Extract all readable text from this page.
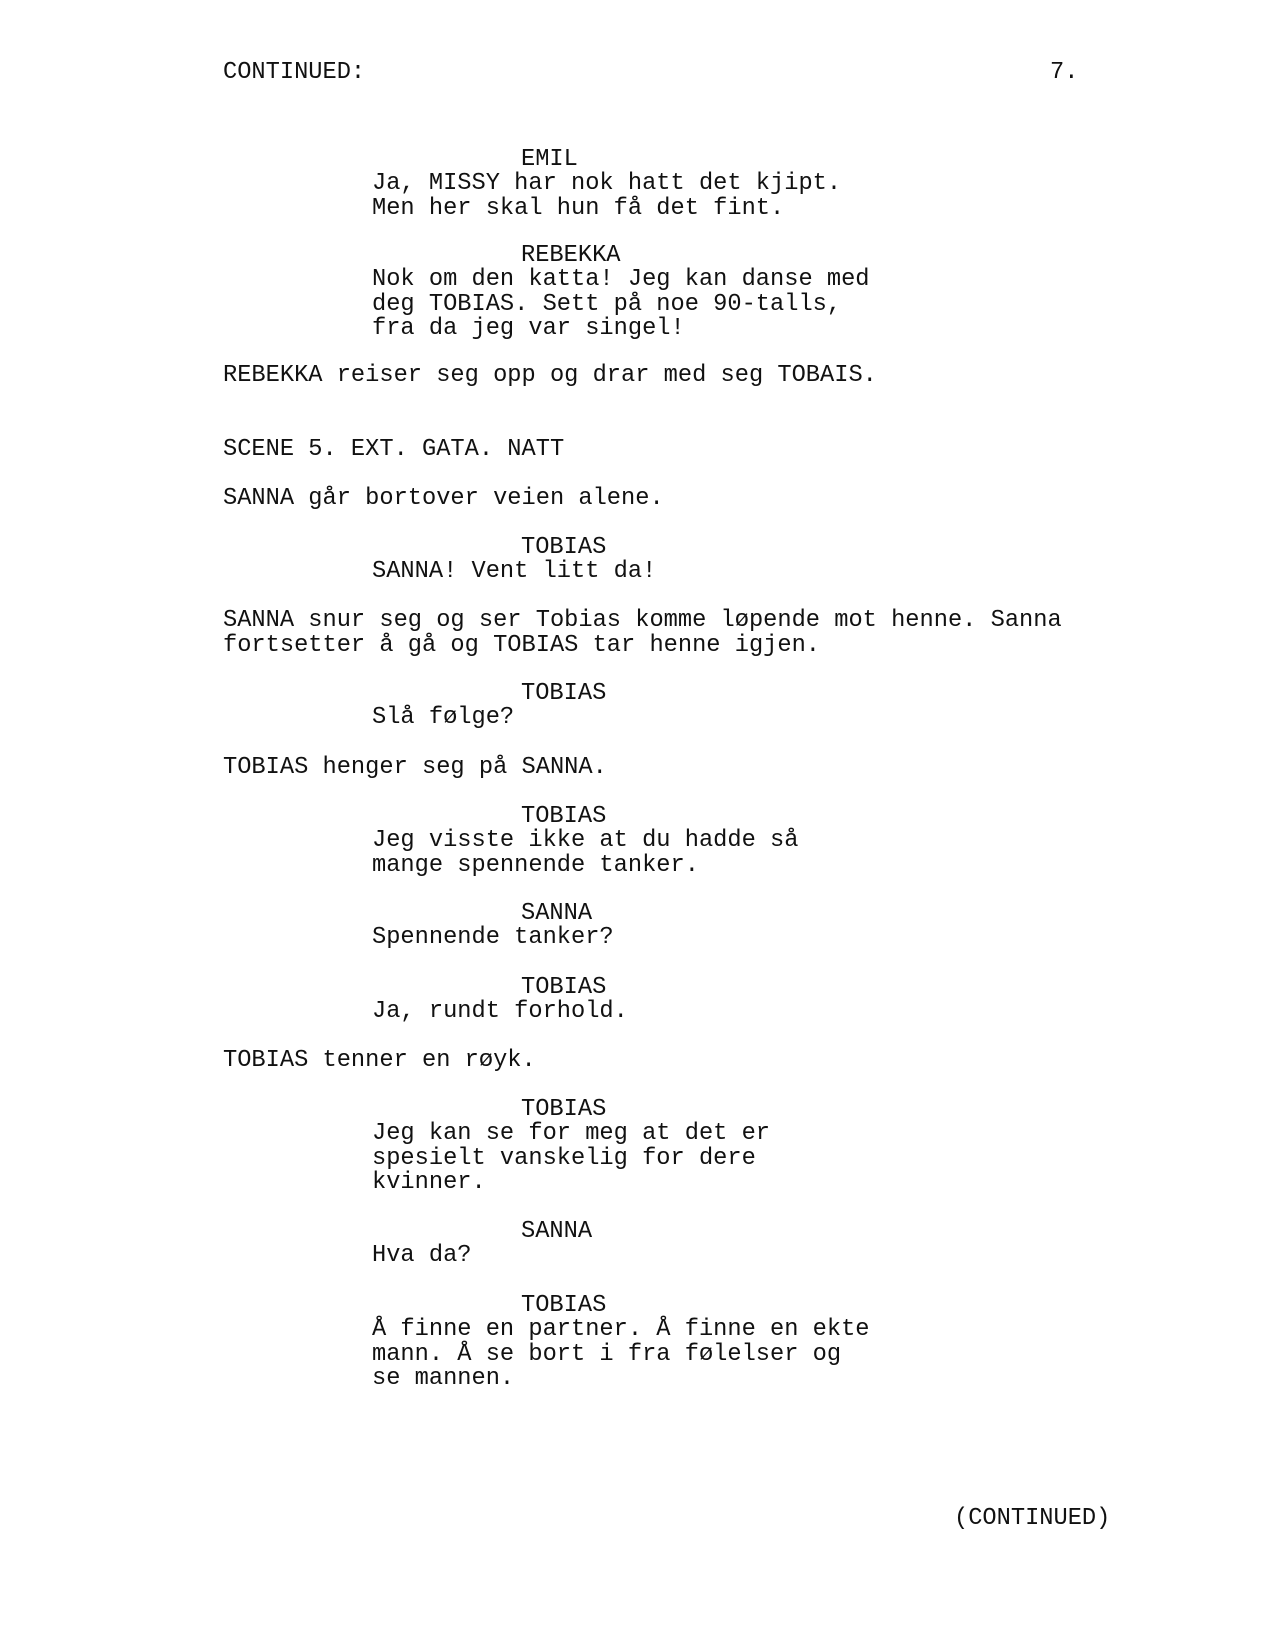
CONTINUED:	7.
EMIL
Ja, MISSY har nok hatt det kjipt.
Men her skal hun få det fint.
REBEKKA
Nok om den katta! Jeg kan danse med
deg TOBIAS. Sett på noe 90-talls,
fra da jeg var singel!
REBEKKA reiser seg opp og drar med seg TOBAIS.
SCENE 5. EXT. GATA. NATT
SANNA går bortover veien alene.
TOBIAS
SANNA! Vent litt da!
SANNA snur seg og ser Tobias komme løpende mot henne. Sanna
fortsetter å gå og TOBIAS tar henne igjen.
TOBIAS
Slå følge?
TOBIAS henger seg på SANNA.
TOBIAS
Jeg visste ikke at du hadde så
mange spennende tanker.
SANNA
Spennende tanker?
TOBIAS
Ja, rundt forhold.
TOBIAS tenner en røyk.
TOBIAS
Jeg kan se for meg at det er
spesielt vanskelig for dere
kvinner.
SANNA
Hva da?
TOBIAS
Å finne en partner. Å finne en ekte
mann. Å se bort i fra følelser og
se mannen.
(CONTINUED)
